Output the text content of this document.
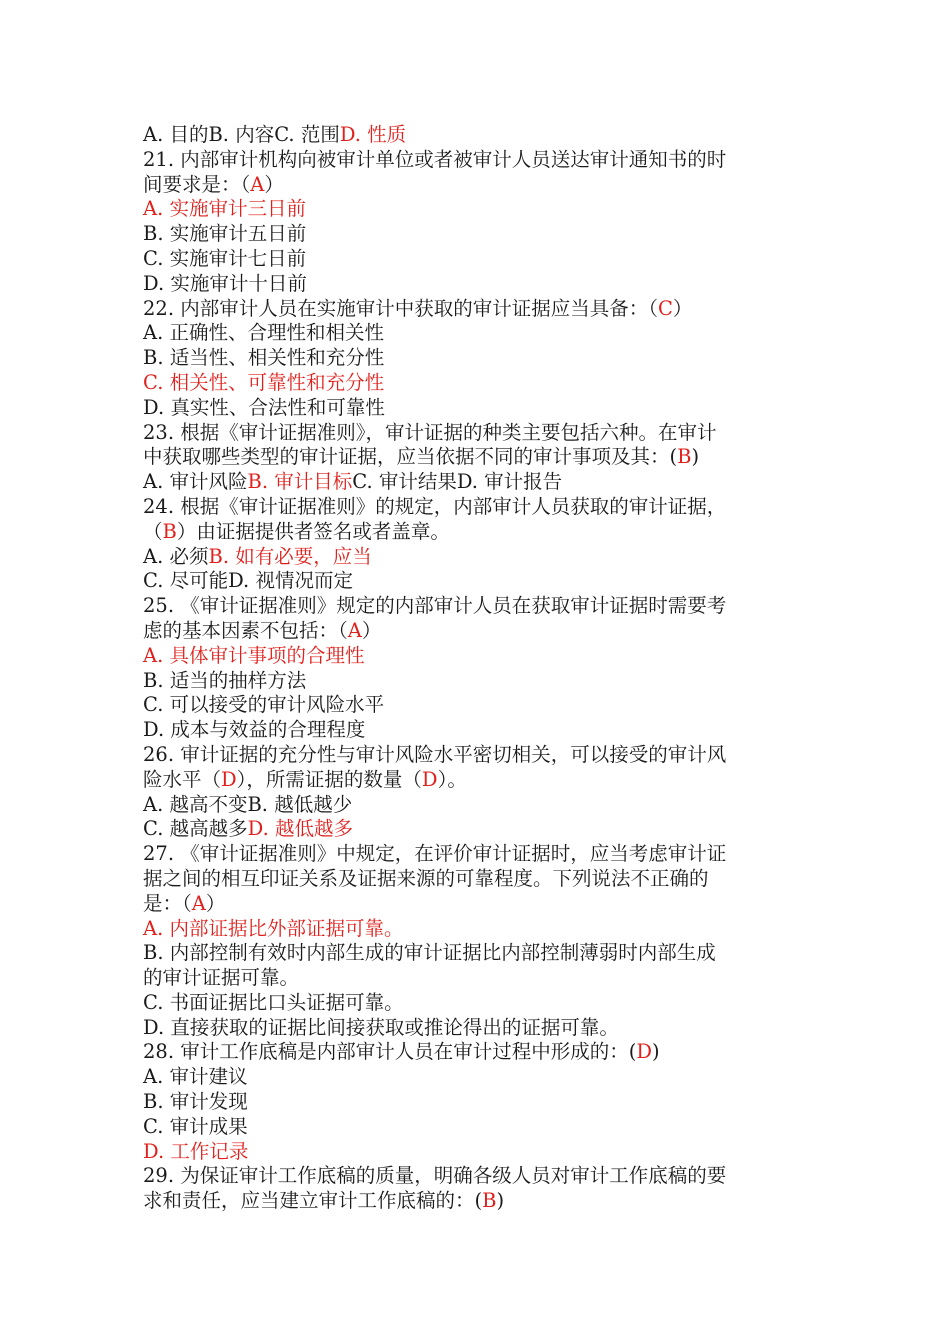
A. 目的B. 内容C. 范围D. 性质
21. 内部审计机构向被审计单位或者被审计人员送达审计通知书的时
间要求是：（A）
A. 实施审计三日前
B. 实施审计五日前
C. 实施审计七日前
D. 实施审计十日前
22. 内部审计人员在实施审计中获取的审计证据应当具备：（C）
A. 正确性、合理性和相关性
B. 适当性、相关性和充分性
C. 相关性、可靠性和充分性
D. 真实性、合法性和可靠性
23. 根据《审计证据准则》，审计证据的种类主要包括六种。在审计
中获取哪些类型的审计证据，应当依据不同的审计事项及其：(B)
A. 审计风险B. 审计目标C. 审计结果D. 审计报告
24. 根据《审计证据准则》的规定，内部审计人员获取的审计证据，
（B）由证据提供者签名或者盖章。
A. 必须B. 如有必要，应当
C. 尽可能D. 视情况而定
25. 《审计证据准则》规定的内部审计人员在获取审计证据时需要考
虑的基本因素不包括：（A）
A. 具体审计事项的合理性
B. 适当的抽样方法
C. 可以接受的审计风险水平
D. 成本与效益的合理程度
26. 审计证据的充分性与审计风险水平密切相关，可以接受的审计风
险水平（D），所需证据的数量（D）。
A. 越高不变B. 越低越少
C. 越高越多D. 越低越多
27. 《审计证据准则》中规定，在评价审计证据时，应当考虑审计证
据之间的相互印证关系及证据来源的可靠程度。下列说法不正确的
是：（A）
A. 内部证据比外部证据可靠。
B. 内部控制有效时内部生成的审计证据比内部控制薄弱时内部生成
的审计证据可靠。
C. 书面证据比口头证据可靠。
D. 直接获取的证据比间接获取或推论得出的证据可靠。
28. 审计工作底稿是内部审计人员在审计过程中形成的：(D)
A. 审计建议
B. 审计发现
C. 审计成果
D. 工作记录
29. 为保证审计工作底稿的质量，明确各级人员对审计工作底稿的要
求和责任，应当建立审计工作底稿的：(B)
